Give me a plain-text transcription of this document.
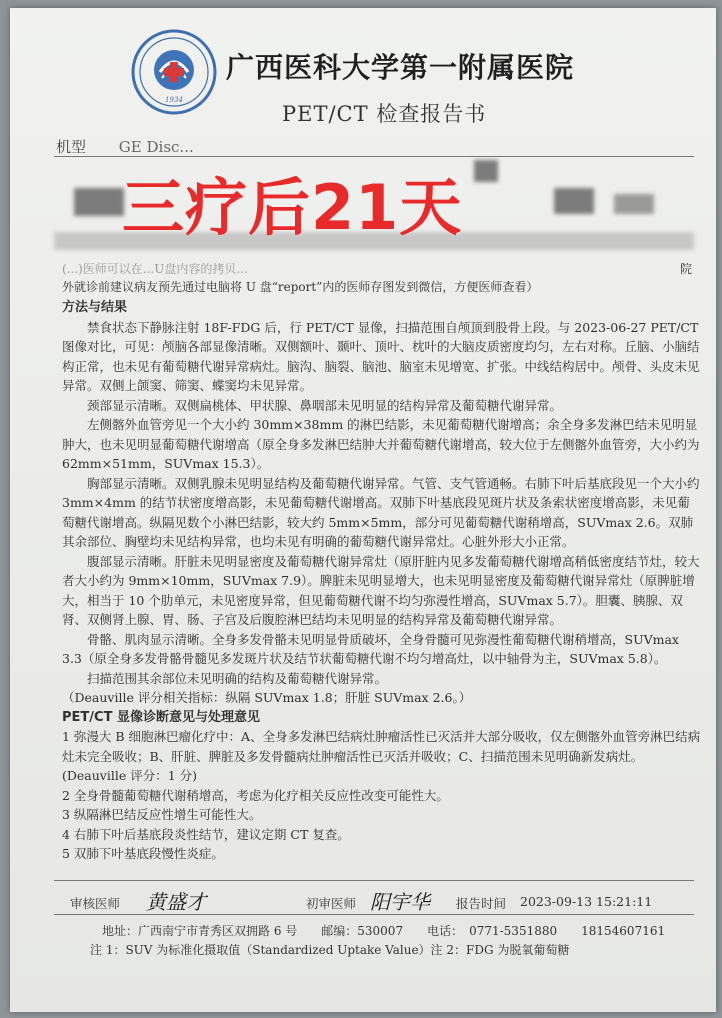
1934
广西医科大学第一附属医院
PET/CT 检查报告书
机型 GE Disc...
三疗后21天
(...)医师可以在...U盘内容的拷贝...	院
外就诊前建议病友预先通过电脑将 U 盘“report”内的医师存图发到微信，方便医师查看）

方法与结果

禁食状态下静脉注射 18F-FDG 后，行 PET/CT 显像，扫描范围自颅顶到股骨上段。与 2023-06-27 PET/CT 图像对比，可见：颅脑各部显像清晰。双侧额叶、颞叶、顶叶、枕叶的大脑皮质密度均匀，左右对称。丘脑、小脑结构正常，也未见有葡萄糖代谢异常病灶。脑沟、脑裂、脑池、脑室未见增宽、扩张。中线结构居中。颅骨、头皮未见异常。双侧上颌窦、筛窦、蝶窦均未见异常。

颈部显示清晰。双侧扁桃体、甲状腺、鼻咽部未见明显的结构异常及葡萄糖代谢异常。

左侧髂外血管旁见一个大小约 30mm×38mm 的淋巴结影，未见葡萄糖代谢增高；余全身多发淋巴结未见明显肿大，也未见明显葡萄糖代谢增高（原全身多发淋巴结肿大并葡萄糖代谢增高，较大位于左侧髂外血管旁，大小约为 62mm×51mm，SUVmax 15.3）。

胸部显示清晰。双侧乳腺未见明显结构及葡萄糖代谢异常。气管、支气管通畅。右肺下叶后基底段见一个大小约 3mm×4mm 的结节状密度增高影，未见葡萄糖代谢增高。双肺下叶基底段见斑片状及条索状密度增高影，未见葡萄糖代谢增高。纵隔见数个小淋巴结影，较大约 5mm×5mm，部分可见葡萄糖代谢稍增高，SUVmax 2.6。双肺其余部位、胸壁均未见结构异常，也均未见有明确的葡萄糖代谢异常灶。心脏外形大小正常。

腹部显示清晰。肝脏未见明显密度及葡萄糖代谢异常灶（原肝脏内见多发葡萄糖代谢增高稍低密度结节灶，较大者大小约为 9mm×10mm，SUVmax 7.9）。脾脏未见明显增大，也未见明显密度及葡萄糖代谢异常灶（原脾脏增大，相当于 10 个肋单元，未见密度异常，但见葡萄糖代谢不均匀弥漫性增高，SUVmax 5.7）。胆囊、胰腺、双肾、双侧肾上腺、胃、肠、子宫及后腹腔淋巴结均未见明显的结构异常及葡萄糖代谢异常。

骨骼、肌肉显示清晰。全身多发骨骼未见明显骨质破坏，全身骨髓可见弥漫性葡萄糖代谢稍增高，SUVmax 3.3（原全身多发骨骼骨髓见多发斑片状及结节状葡萄糖代谢不均匀增高灶，以中轴骨为主，SUVmax 5.8）。

扫描范围其余部位未见明确的结构及葡萄糖代谢异常。

（Deauville 评分相关指标：纵隔 SUVmax 1.8；肝脏 SUVmax 2.6。）

PET/CT 显像诊断意见与处理意见

1 弥漫大 B 细胞淋巴瘤化疗中：A、全身多发淋巴结病灶肿瘤活性已灭活并大部分吸收，仅左侧髂外血管旁淋巴结病灶未完全吸收；B、肝脏、脾脏及多发骨髓病灶肿瘤活性已灭活并吸收；C、扫描范围未见明确新发病灶。(Deauville 评分：1 分)

2 全身骨髓葡萄糖代谢稍增高，考虑为化疗相关反应性改变可能性大。

3 纵隔淋巴结反应性增生可能性大。

4 右肺下叶后基底段炎性结节，建议定期 CT 复查。

5 双肺下叶基底段慢性炎症。

审核医师 黄盛才	初审医师 阳宇华 报告时间 2023-09-13 15:21:11
地址：广西南宁市青秀区双拥路 6 号 邮编：530007 电话：　0771-5351880 18154607161
注 1：SUV 为标准化摄取值（Standardized Uptake Value）注 2：FDG 为脱氧葡萄糖
